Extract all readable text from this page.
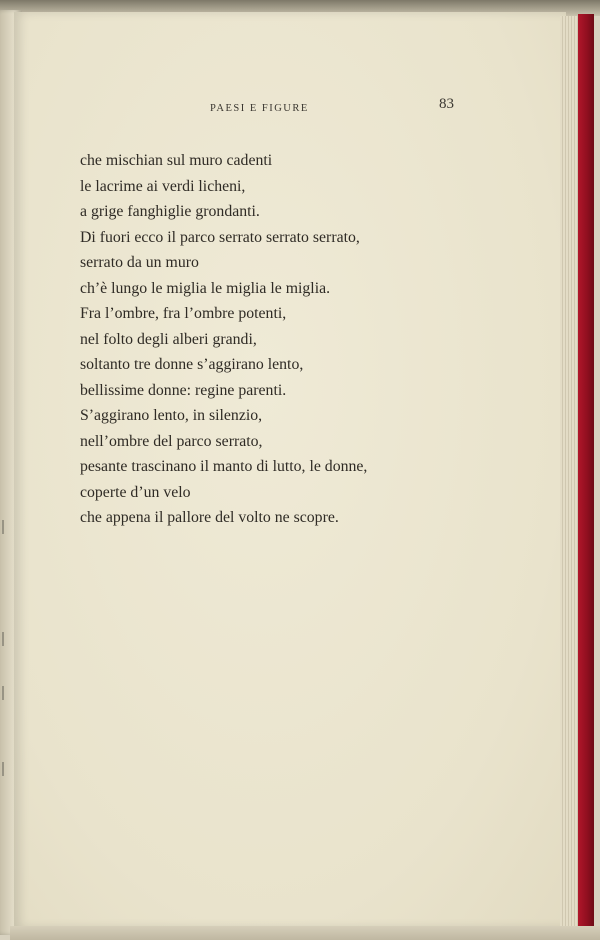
PAESI E FIGURE	83
che mischian sul muro cadenti
le lacrime ai verdi licheni,
a grige fanghiglie grondanti.
Di fuori ecco il parco serrato serrato serrato,
serrato da un muro
ch’è lungo le miglia le miglia le miglia.
Fra l’ombre, fra l’ombre potenti,
nel folto degli alberi grandi,
soltanto tre donne s’aggirano lento,
bellissime donne: regine parenti.
S’aggirano lento, in silenzio,
nell’ombre del parco serrato,
pesante trascinano il manto di lutto, le donne,
coperte d’un velo
che appena il pallore del volto ne scopre.
